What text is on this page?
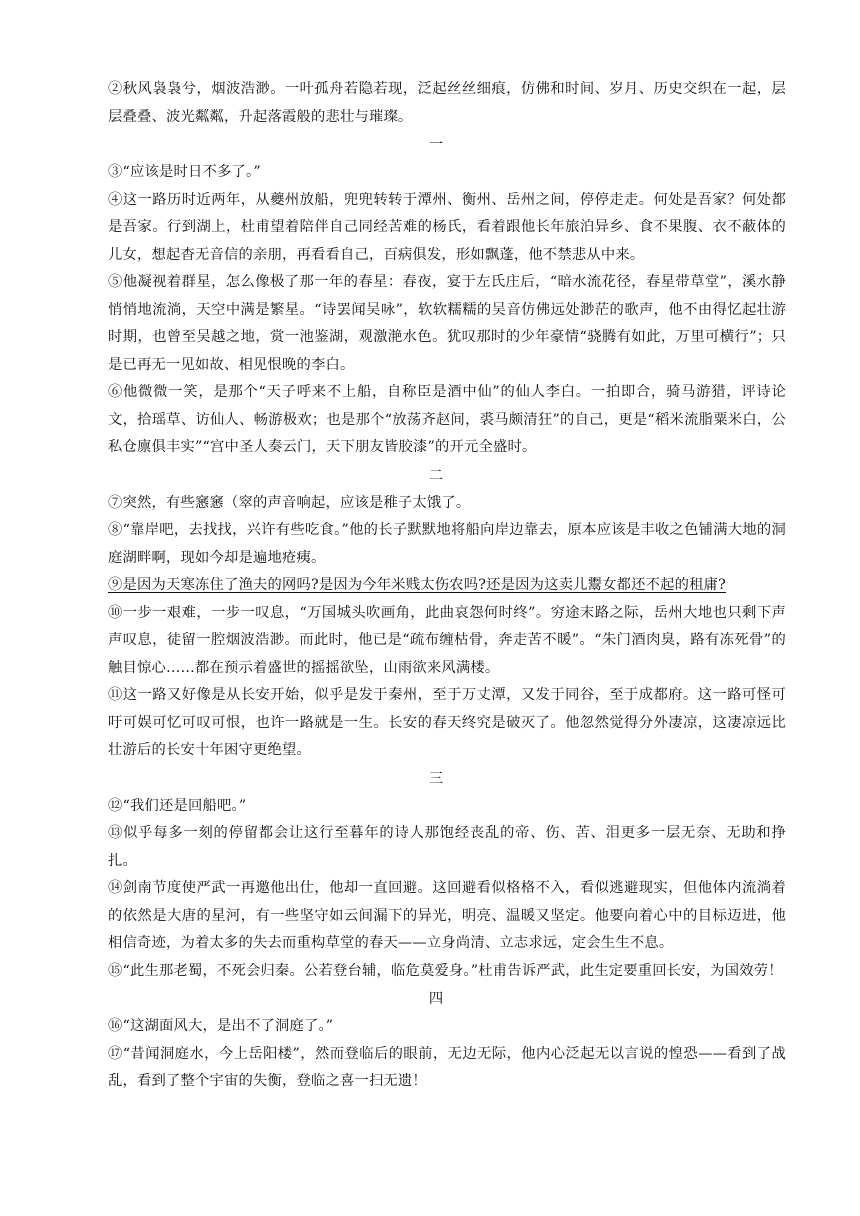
②秋风袅袅兮，烟波浩渺。一叶孤舟若隐若现，泛起丝丝细痕，仿佛和时间、岁月、历史交织在一起，层层叠叠、波光粼粼，升起落霞般的悲壮与璀璨。

一

③“应该是时日不多了。”

④这一路历时近两年，从夔州放船，兜兜转转于潭州、衡州、岳州之间，停停走走。何处是吾家？何处都是吾家。行到湖上，杜甫望着陪伴自己同经苦难的杨氏，看着跟他长年旅泊异乡、食不果腹、衣不蔽体的儿女，想起杳无音信的亲朋，再看看自己，百病俱发，形如飘蓬，他不禁悲从中来。

⑤他凝视着群星，怎么像极了那一年的春星：春夜，宴于左氏庄后，“暗水流花径，春星带草堂”，溪水静悄悄地流淌，天空中满是繁星。“诗罢闻吴咏”，软软糯糯的吴音仿佛远处渺茫的歌声，他不由得忆起壮游时期，也曾至吴越之地，赏一池鉴湖，观激滟水色。犹叹那时的少年豪情“骁腾有如此，万里可横行”；只是已再无一见如故、相见恨晚的李白。

⑥他微微一笑，是那个“天子呼来不上船，自称臣是酒中仙”的仙人李白。一拍即合，骑马游猎，评诗论文，拾瑶草、访仙人、畅游极欢；也是那个“放荡齐赵间，裘马颇清狂”的自己，更是“稻米流脂粟米白，公私仓廪俱丰实”“宫中圣人奏云门，天下朋友皆胶漆”的开元全盛时。

二

⑦突然，有些窸窸（窣的声音响起，应该是稚子太饿了。

⑧“靠岸吧，去找找，兴许有些吃食。”他的长子默默地将船向岸边靠去，原本应该是丰收之色铺满大地的洞庭湖畔啊，现如今却是遍地疮痍。

⑨是因为天寒冻住了渔夫的网吗?是因为今年米贱太伤农吗?还是因为这卖儿鬻女都还不起的租庸?

⑩一步一艰难，一步一叹息，“万国城头吹画角，此曲哀怨何时终”。穷途末路之际，岳州大地也只剩下声声叹息，徒留一腔烟波浩渺。而此时，他已是“疏布缠枯骨，奔走苦不暖”。“朱门酒肉臭，路有冻死骨”的触目惊心……都在预示着盛世的摇摇欲坠，山雨欲来风满楼。

⑪这一路又好像是从长安开始，似乎是发于秦州，至于万丈潭，又发于同谷，至于成都府。这一路可怪可吁可娱可忆可叹可恨，也许一路就是一生。长安的春天终究是破灭了。他忽然觉得分外凄凉，这凄凉远比壮游后的长安十年困守更绝望。

三

⑫“我们还是回船吧。”

⑬似乎每多一刻的停留都会让这行至暮年的诗人那饱经丧乱的帝、伤、苦、泪更多一层无奈、无助和挣扎。

⑭剑南节度使严武一再邀他出仕，他却一直回避。这回避看似格格不入，看似逃避现实，但他体内流淌着的依然是大唐的星河，有一些坚守如云间漏下的异光，明亮、温暖又坚定。他要向着心中的目标迈进，他相信奇迹，为着太多的失去而重构草堂的春天——立身尚清、立志求远，定会生生不息。

⑮“此生那老蜀，不死会归秦。公若登台辅，临危莫爱身。”杜甫告诉严武，此生定要重回长安，为国效劳！

四

⑯“这湖面风大，是出不了洞庭了。”

⑰“昔闻洞庭水，今上岳阳楼”，然而登临后的眼前，无边无际，他内心泛起无以言说的惶恐——看到了战乱，看到了整个宇宙的失衡，登临之喜一扫无遗！
